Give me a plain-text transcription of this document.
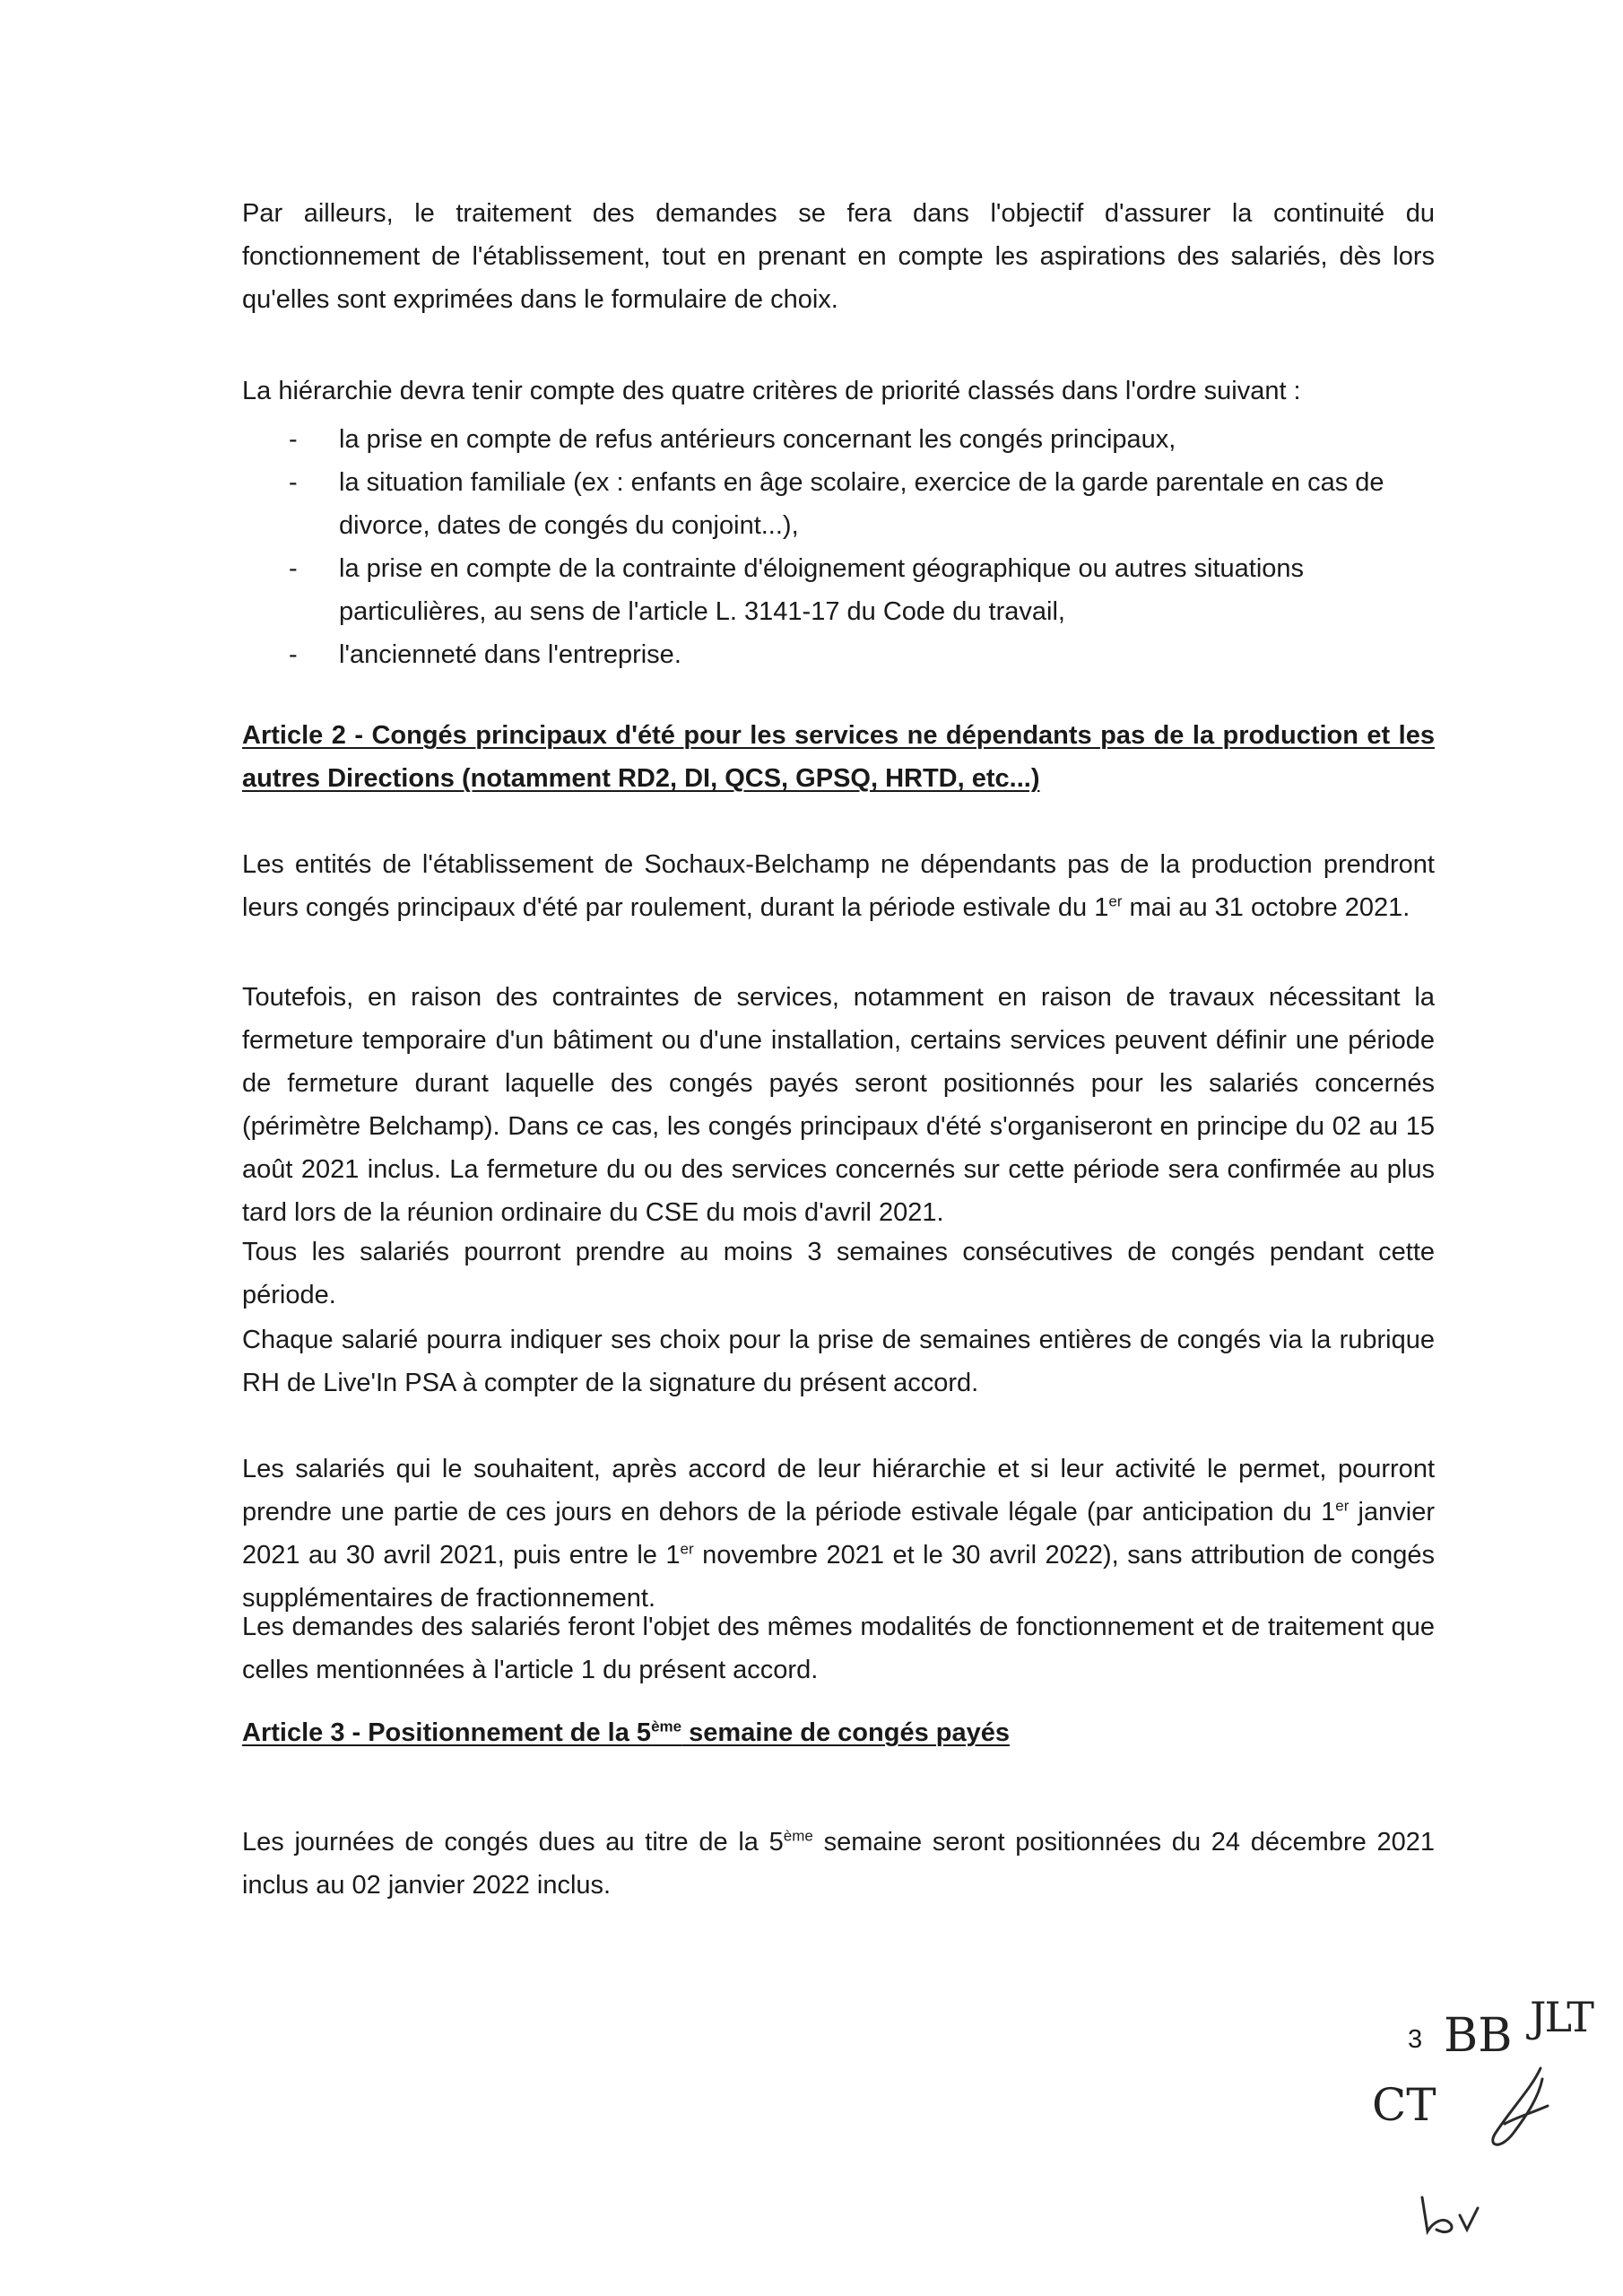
Par ailleurs, le traitement des demandes se fera dans l'objectif d'assurer la continuité du fonctionnement de l'établissement, tout en prenant en compte les aspirations des salariés, dès lors qu'elles sont exprimées dans le formulaire de choix.

La hiérarchie devra tenir compte des quatre critères de priorité classés dans l'ordre suivant :

- la prise en compte de refus antérieurs concernant les congés principaux,
- la situation familiale (ex : enfants en âge scolaire, exercice de la garde parentale en cas de divorce, dates de congés du conjoint...),
- la prise en compte de la contrainte d'éloignement géographique ou autres situations particulières, au sens de l'article L. 3141-17 du Code du travail,
- l'ancienneté dans l'entreprise.

Article 2 - Congés principaux d'été pour les services ne dépendants pas de la production et les autres Directions (notamment RD2, DI, QCS, GPSQ, HRTD, etc...)

Les entités de l'établissement de Sochaux-Belchamp ne dépendants pas de la production prendront leurs congés principaux d'été par roulement, durant la période estivale du 1er mai au 31 octobre 2021.

Toutefois, en raison des contraintes de services, notamment en raison de travaux nécessitant la fermeture temporaire d'un bâtiment ou d'une installation, certains services peuvent définir une période de fermeture durant laquelle des congés payés seront positionnés pour les salariés concernés (périmètre Belchamp). Dans ce cas, les congés principaux d'été s'organiseront en principe du 02 au 15 août 2021 inclus. La fermeture du ou des services concernés sur cette période sera confirmée au plus tard lors de la réunion ordinaire du CSE du mois d'avril 2021.

Tous les salariés pourront prendre au moins 3 semaines consécutives de congés pendant cette période.

Chaque salarié pourra indiquer ses choix pour la prise de semaines entières de congés via la rubrique RH de Live'In PSA à compter de la signature du présent accord.

Les salariés qui le souhaitent, après accord de leur hiérarchie et si leur activité le permet, pourront prendre une partie de ces jours en dehors de la période estivale légale (par anticipation du 1er janvier 2021 au 30 avril 2021, puis entre le 1er novembre 2021 et le 30 avril 2022), sans attribution de congés supplémentaires de fractionnement.

Les demandes des salariés feront l'objet des mêmes modalités de fonctionnement et de traitement que celles mentionnées à l'article 1 du présent accord.

Article 3 - Positionnement de la 5ème semaine de congés payés

Les journées de congés dues au titre de la 5ème semaine seront positionnées du 24 décembre 2021 inclus au 02 janvier 2022 inclus.

3 BB JLT
CT
